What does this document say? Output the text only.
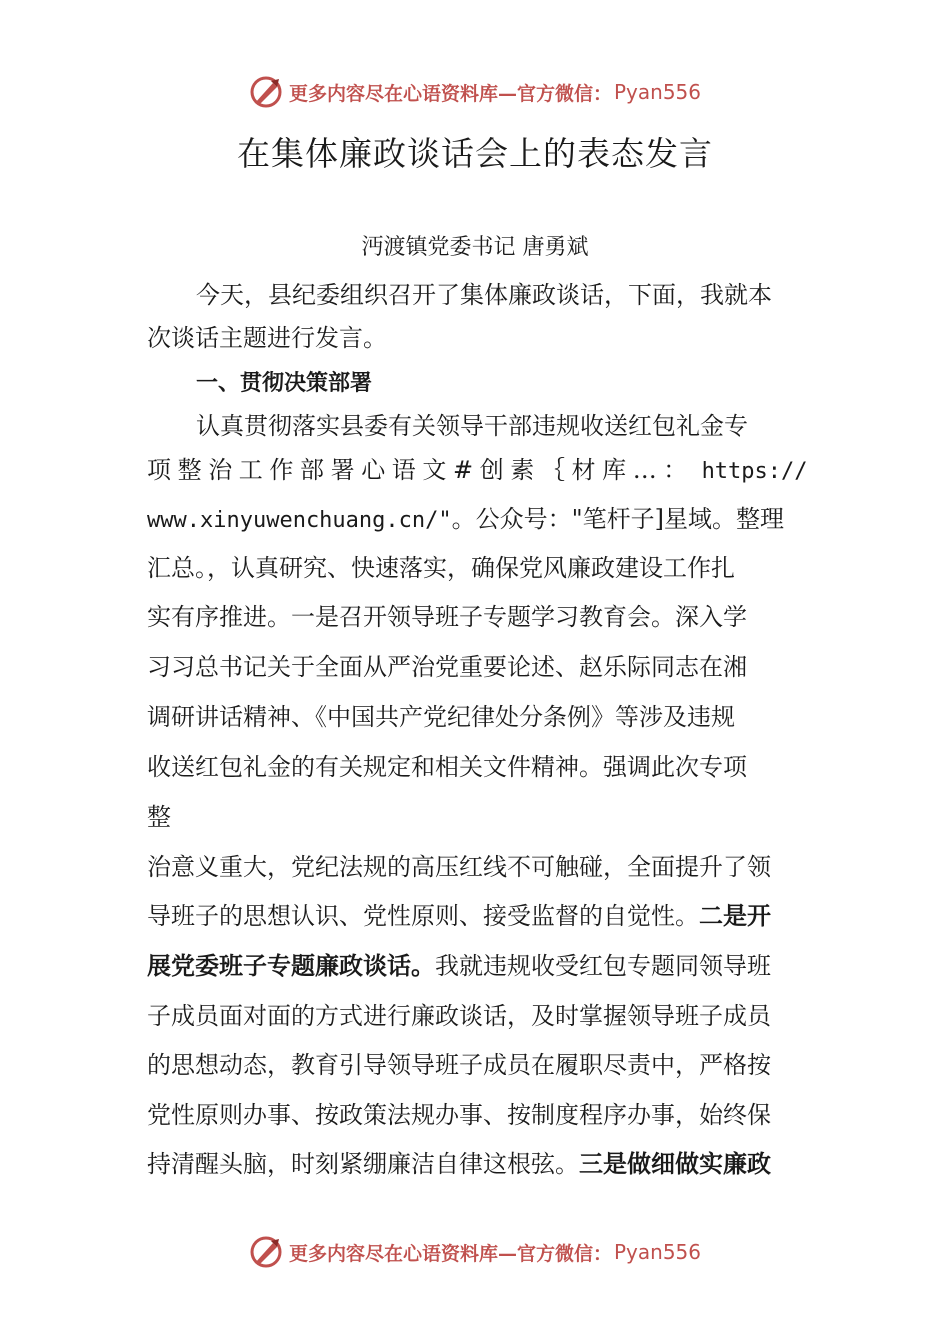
更多内容尽在心语资料库—官方微信： Pyan556
在集体廉政谈话会上的表态发言
沔渡镇党委书记 唐勇斌
今天，县纪委组织召开了集体廉政谈话，下面，我就本
次谈话主题进行发言。
一、贯彻决策部署
认真贯彻落实县委有关领导干部违规收送红包礼金专
项整治工作部署心语文#创素｛材库…： https://
www.xinyuwenchuang.cn/"。公众号："笔杆子]星域。整理
汇总。，认真研究、快速落实，确保党风廉政建设工作扎
实有序推进。一是召开领导班子专题学习教育会。深入学
习习总书记关于全面从严治党重要论述、赵乐际同志在湘
调研讲话精神、《中国共产党纪律处分条例》等涉及违规
收送红包礼金的有关规定和相关文件精神。强调此次专项
整
治意义重大，党纪法规的高压红线不可触碰，全面提升了领
导班子的思想认识、党性原则、接受监督的自觉性。二是开
展党委班子专题廉政谈话。我就违规收受红包专题同领导班
子成员面对面的方式进行廉政谈话，及时掌握领导班子成员
的思想动态，教育引导领导班子成员在履职尽责中，严格按
党性原则办事、按政策法规办事、按制度程序办事，始终保
持清醒头脑，时刻紧绷廉洁自律这根弦。三是做细做实廉政
更多内容尽在心语资料库—官方微信： Pyan556
